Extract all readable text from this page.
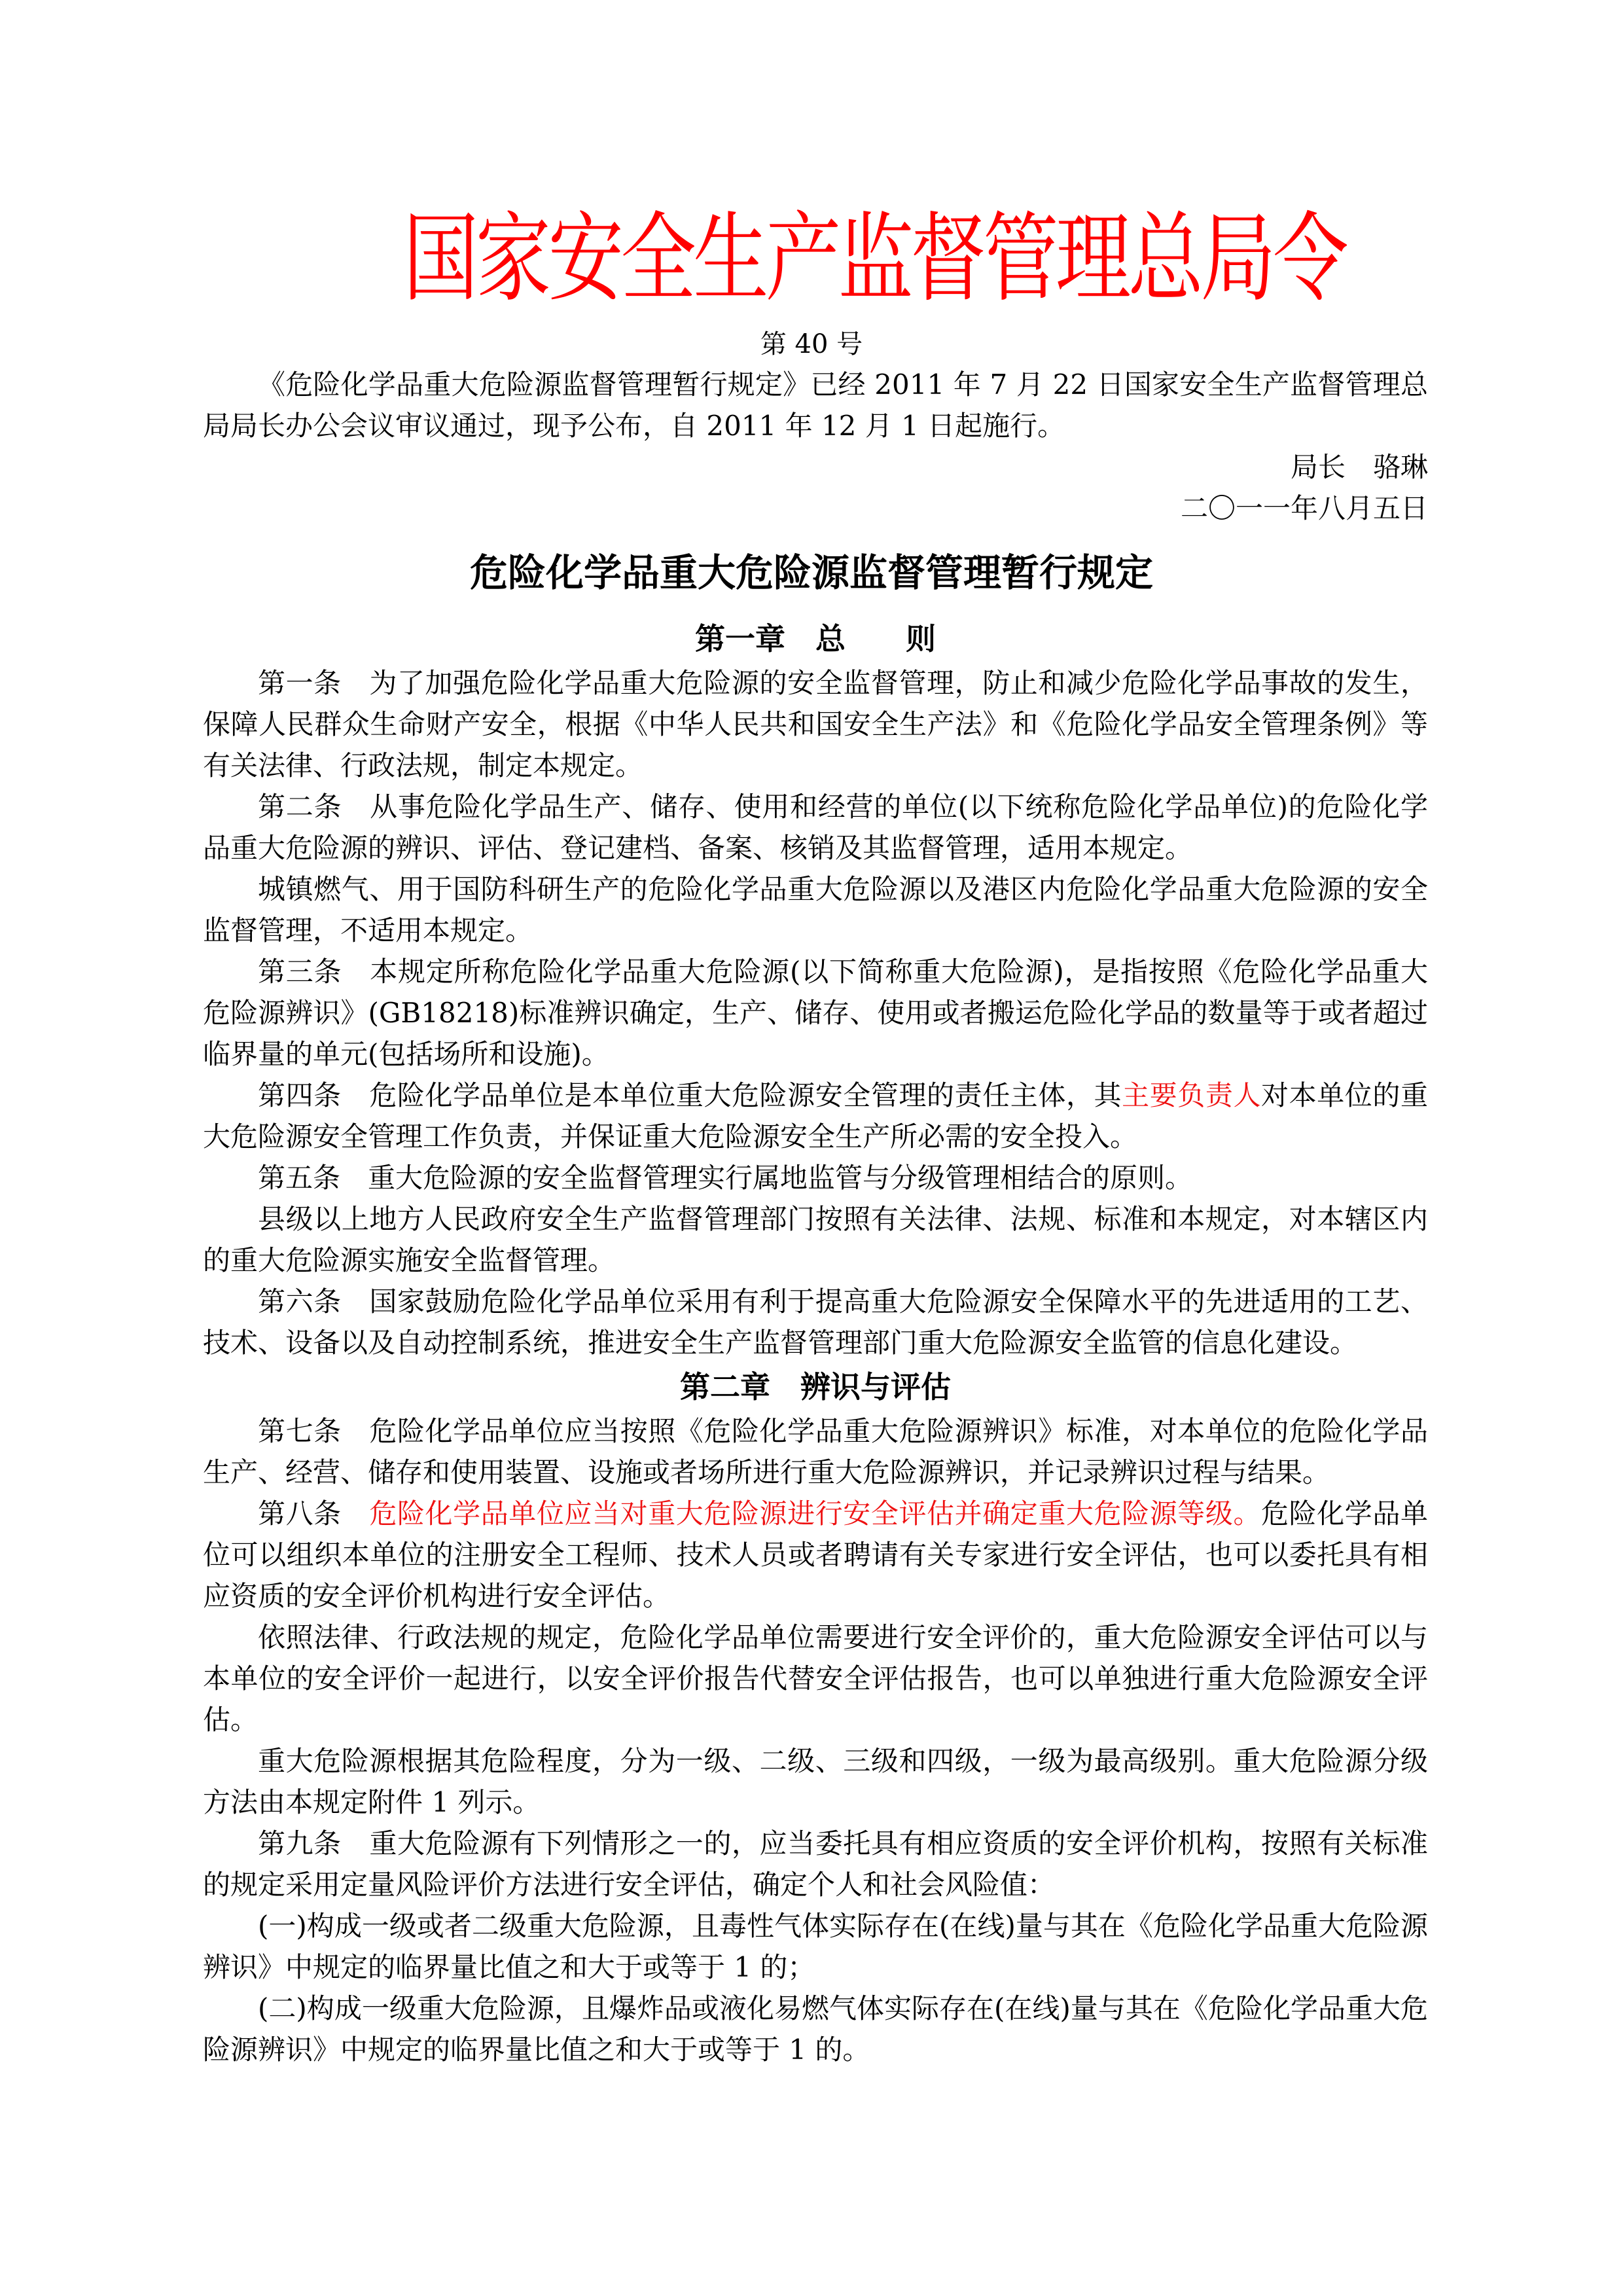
国家安全生产监督管理总局令
第 40 号

《危险化学品重大危险源监督管理暂行规定》已经 2011 年 7 月 22 日国家安全生产监督管理总局局长办公会议审议通过，现予公布，自 2011 年 12 月 1 日起施行。

局长　骆琳
二〇一一年八月五日
危险化学品重大危险源监督管理暂行规定

第一章　总　　则

第一条　 为了加强危险化学品重大危险源的安全监督管理，防止和减少危险化学品事故的发生，保障人民群众生命财产安全，根据《中华人民共和国安全生产法》和《危险化学品安全管理条例》等有关法律、行政法规，制定本规定。

第二条　 从事危险化学品生产、储存、使用和经营的单位(以下统称危险化学品单位)的危险化学品重大危险源的辨识、评估、登记建档、备案、核销及其监督管理，适用本规定。

城镇燃气、用于国防科研生产的危险化学品重大危险源以及港区内危险化学品重大危险源的安全监督管理，不适用本规定。

第三条　 本规定所称危险化学品重大危险源(以下简称重大危险源)，是指按照《危险化学品重大危险源辨识》(GB18218)标准辨识确定，生产、储存、使用或者搬运危险化学品的数量等于或者超过临界量的单元(包括场所和设施)。

第四条　 危险化学品单位是本单位重大危险源安全管理的责任主体，其主要负责人对本单位的重大危险源安全管理工作负责，并保证重大危险源安全生产所必需的安全投入。

第五条　 重大危险源的安全监督管理实行属地监管与分级管理相结合的原则。

县级以上地方人民政府安全生产监督管理部门按照有关法律、法规、标准和本规定，对本辖区内的重大危险源实施安全监督管理。

第六条　 国家鼓励危险化学品单位采用有利于提高重大危险源安全保障水平的先进适用的工艺、技术、设备以及自动控制系统，推进安全生产监督管理部门重大危险源安全监管的信息化建设。

第二章　辨识与评估

第七条　 危险化学品单位应当按照《危险化学品重大危险源辨识》标准，对本单位的危险化学品生产、经营、储存和使用装置、设施或者场所进行重大危险源辨识，并记录辨识过程与结果。

第八条　 危险化学品单位应当对重大危险源进行安全评估并确定重大危险源等级。危险化学品单位可以组织本单位的注册安全工程师、技术人员或者聘请有关专家进行安全评估，也可以委托具有相应资质的安全评价机构进行安全评估。

依照法律、行政法规的规定，危险化学品单位需要进行安全评价的，重大危险源安全评估可以与本单位的安全评价一起进行，以安全评价报告代替安全评估报告，也可以单独进行重大危险源安全评估。

重大危险源根据其危险程度，分为一级、二级、三级和四级，一级为最高级别。重大危险源分级方法由本规定附件 1 列示。

第九条　 重大危险源有下列情形之一的，应当委托具有相应资质的安全评价机构，按照有关标准的规定采用定量风险评价方法进行安全评估，确定个人和社会风险值：

(一)构成一级或者二级重大危险源，且毒性气体实际存在(在线)量与其在《危险化学品重大危险源辨识》中规定的临界量比值之和大于或等于 1 的；

(二)构成一级重大危险源，且爆炸品或液化易燃气体实际存在(在线)量与其在《危险化学品重大危险源辨识》中规定的临界量比值之和大于或等于 1 的。
